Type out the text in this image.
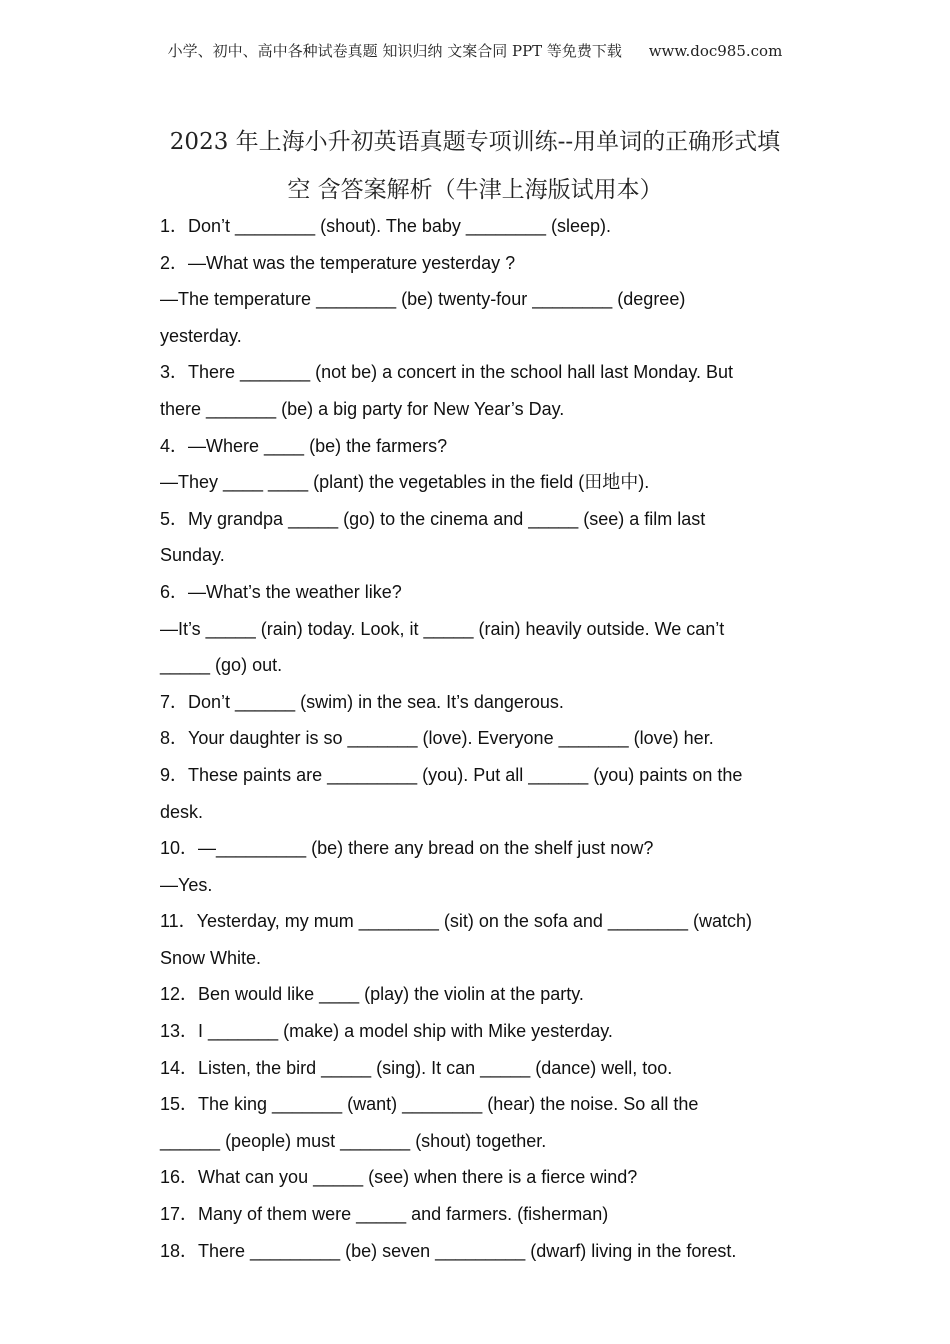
小学、初中、高中各种试卷真题 知识归纳 文案合同 PPT 等免费下载 www.doc985.com
2023 年上海小升初英语真题专项训练--用单词的正确形式填
空 含答案解析（牛津上海版试用本）
1．Don’t ________ (shout). The baby ________ (sleep).
2．—What was the temperature yesterday ?
—The temperature ________ (be) twenty-four ________ (degree)
yesterday.
3．There _______ (not be) a concert in the school hall last Monday. But
there _______ (be) a big party for New Year’s Day.
4．—Where ____ (be) the farmers?
—They ____ ____ (plant) the vegetables in the field (田地中).
5．My grandpa _____ (go) to the cinema and _____ (see) a film last
Sunday.
6．—What’s the weather like?
—It’s _____ (rain) today. Look, it _____ (rain) heavily outside. We can’t
_____ (go) out.
7．Don’t ______ (swim) in the sea. It’s dangerous.
8．Your daughter is so _______ (love). Everyone _______ (love) her.
9．These paints are _________ (you). Put all ______ (you) paints on the
desk.
10．—_________ (be) there any bread on the shelf just now?
—Yes.
11．Yesterday, my mum ________ (sit) on the sofa and ________ (watch)
Snow White.
12．Ben would like ____ (play) the violin at the party.
13．I _______ (make) a model ship with Mike yesterday.
14．Listen, the bird _____ (sing). It can _____ (dance) well, too.
15．The king _______ (want) ________ (hear) the noise. So all the
______ (people) must _______ (shout) together.
16．What can you _____ (see) when there is a fierce wind?
17．Many of them were _____ and farmers. (fisherman)
18．There _________ (be) seven _________ (dwarf) living in the forest.
